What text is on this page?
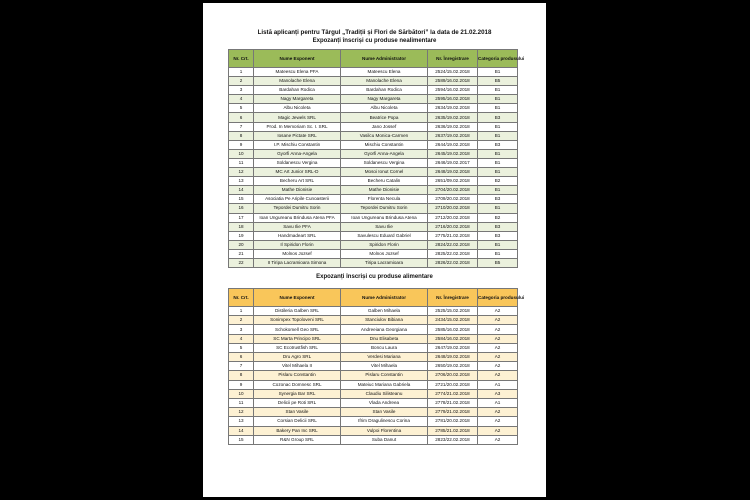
Listă aplicanți pentru Târgul „Tradiții și Flori de Sărbători” la data de 21.02.2018
Expozanți înscriși cu produse nealimentare
Nr. Crt.	Nume Exponent	Nume Administrator	Nr. Înregistrare	Categoria produsului
1	Mateescu Elena PFA	Mateescu Elena	2524/15.02.2018	B1
2	Manolache Elena	Manolache Elena	2589/16.02.2018	B5
3	Bardahan Rodica	Bardahan Rodica	2594/16.02.2018	B1
4	Nagy Margareta	Nagy Margareta	2595/16.02.2018	B1
5	Albu Nicoleta	Albu Nicoleta	2634/19.02.2018	B1
6	Magic Jewels SRL	Beatrice Popa	2635/19.02.2018	B3
7	Prod. In Memoriam Sc. I. SRL	Jano Jossef	2636/19.02.2018	B1
8	Iosane Pictate SRL	Vasilcu Monica-Carmen	2637/19.02.2018	B1
9	I.P. Mischiu Constantin	Mischiu Constantin	2644/19.02.2018	B3
10	Gyorfi Anna-Angela	Gyorfi Anna-Angela	2645/19.02.2018	B1
11	Soldanescu Vergina	Soldanescu Vergina	2646/19.02.2017	B1
12	MC Art Junior SRL-D	Mosoi Ionut Cornel	2648/19.02.2018	B1
13	Becheru Art SRL	Becheru Catalin	2651/09.02.2018	B2
14	Mathe Dionisie	Mathe Dionisie	2704/20.02.2018	B1
15	Asociatia Pe Aripile Cunoasterii	Florenta Necula	2709/20.02.2018	B3
16	Tepordei Dumitru Sorin	Tepordei Dumitru Sorin	2710/20.02.2018	B1
17	Ioan Ungureanu Brindusa Atena PFA	Ioan Ungureanu Brindusa Atena	2712/20.02.2018	B2
18	Savu Ilie PFA	Savu Ilie	2716/20.02.2018	B3
19	Handmadeart SRL	Savulescu Eduard Gabriel	2775/21.02.2018	B3
20	Il Spiridon Florin	Spiridon Florin	2824/22.02.2018	B1
21	Molnos Jozsef	Molnos Jozsef	2825/22.02.2018	B1
22	II Tiripa Lacramioara Simona	Tiripa Lacramioara	2826/22.02.2018	B5
Expozanți înscriși cu produse alimentare
Nr. Crt.	Nume Exponent	Nume Administrator	Nr. Înregistrare	Categoria produsului
1	Distileria Galben SRL	Galben Mihaela	2525/15.02.2018	A2
2	Sonimpex Topoloveni SRL	Stanciulov Bibiana	2434/15.02.2018	A2
3	Schokomell Geo SRL	Andreeiana Georgiana	2585/16.02.2018	A2
4	SC Marta Principo SRL	Dnu Elisabeta	2584/16.02.2018	A2
5	SC Ecotrustfish SRL	Boncu Laura	2647/19.02.2018	A2
6	Dru Agro SRL	Verdesi Mariana	2648/19.02.2018	A2
7	Vitel Mihaela II	Vitel Mihaela	2650/19.02.2018	A2
8	Pislaru Constantin	Pislaru Constantin	2706/20.02.2018	A2
9	Cozonac Domnesc SRL	Mateiuc Mariana Gabriela	2721/20.02.2018	A1
10	Synergia Bar SRL	Claudiu Silisteanu	2774/21.02.2018	A3
11	Delicii pe Roti SRL	Vlada Andreea	2778/21.02.2018	A1
12	Stan Vasile	Stan Vasile	2779/21.02.2018	A2
13	Corsian Delicii SRL	Ifrim Dragulinescu Corina	2781/20.02.2018	A2
14	Bakery Pan Inc SRL	Vulpoi Florentina	2785/21.02.2018	A2
15	R&N Group SRL	Suba Danut	2823/22.02.2018	A2
